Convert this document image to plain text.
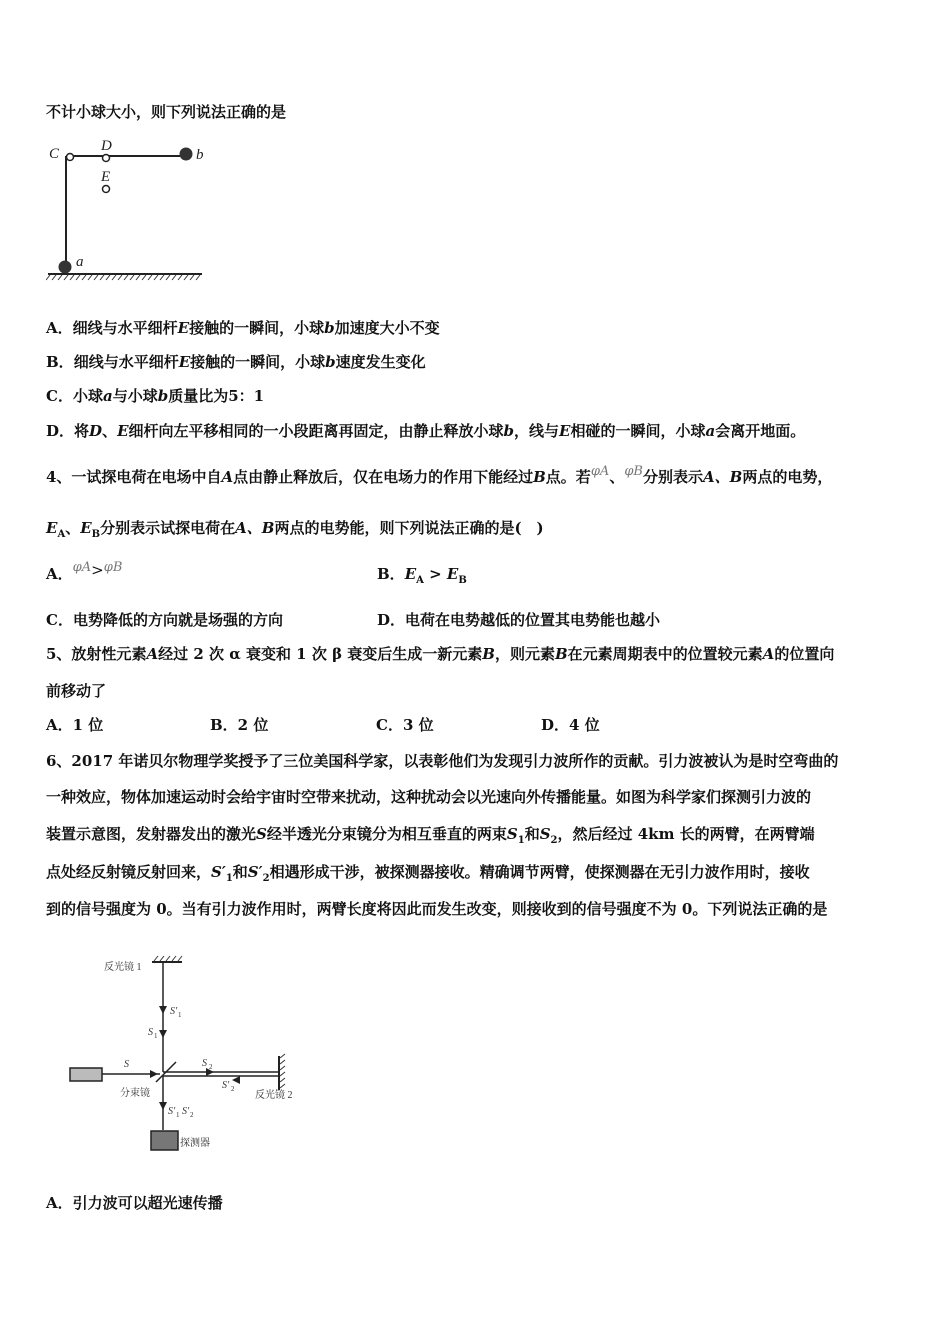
不计小球大小，则下列说法正确的是
C	D
E
b
a
A．细线与水平细杆E接触的一瞬间，小球b加速度大小不变
B．细线与水平细杆E接触的一瞬间，小球b速度发生变化
C．小球a与小球b质量比为5：1
D．将D、E细杆向左平移相同的一小段距离再固定，由静止释放小球b，线与E相碰的一瞬间，小球a会离开地面。
4、一试探电荷在电场中自A点由静止释放后，仅在电场力的作用下能经过B点。若φA、φB分别表示A、B两点的电势，
$E_A$、$E_B$分别表示试探电荷在A、B两点的电势能，则下列说法正确的是(　)
A．φA>φB	B．$E_A > E_B$
C．电势降低的方向就是场强的方向	D．电荷在电势越低的位置其电势能也越小
5、放射性元素A经过 2 次 α 衰变和 1 次 β 衰变后生成一新元素B，则元素B在元素周期表中的位置较元素A的位置向
前移动了
A．1 位	B．2 位	C．3 位	D．4 位
6、2017 年诺贝尔物理学奖授予了三位美国科学家，以表彰他们为发现引力波所作的贡献。引力波被认为是时空弯曲的
一种效应，物体加速运动时会给宇宙时空带来扰动，这种扰动会以光速向外传播能量。如图为科学家们探测引力波的
装置示意图，发射器发出的激光S经半透光分束镜分为相互垂直的两束$S_1$和$S_2$，然后经过 4km 长的两臂，在两臂端
点处经反射镜反射回来，$S'_1$和$S'_2$相遇形成干涉，被探测器接收。精确调节两臂，使探测器在无引力波作用时，接收
到的信号强度为 0。当有引力波作用时，两臂长度将因此而发生改变，则接收到的信号强度不为 0。下列说法正确的是
反光镜 1
反光镜 2
分束镜
探测器
S
S′ 1
S 1
S 2
S′ 2
S′ 1 S′ 2
A．引力波可以超光速传播
